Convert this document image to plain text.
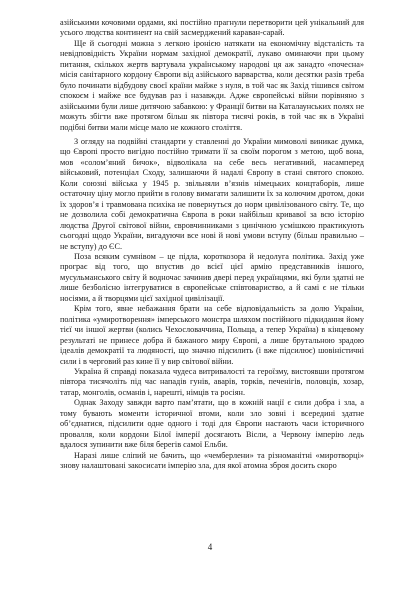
азійськими кочовими ордами, які постійно прагнули перетворити цей унікальний для усього людства континент на свій засмерджений караван-сарай.

Ще й сьогодні можна з легкою іронією натякати на економічну відсталість та невідповідність України нормам західної демократії, лукаво оминаючи при цьому питання, скількох жертв вартувала українському народові ця аж занадто «почесна» місія санітарного кордону Європи від азійського варварства, коли десятки разів треба було починати відбудову своєї країни майже з нуля, в той час як Захід тішився світом спокоєм і майже все будував раз і назавжди. Адже європейські війни порівняно з азійськими були лише дитячою забавкою: у Франції битви на Каталаунських полях не можуть збігти вже протягом більш як півтора тисячі років, в той час як в Україні подібні битви мали місце мало не кожного століття.

З огляду на подвійні стандарти у ставленні до України мимоволі виникає думка, що Європі просто вигідно постійно тримати її за своїм порогом з метою, щоб вона, мов «солом’яний бичок», відволікала на себе весь негативний, насамперед військовий, потенціал Сходу, залишаючи й надалі Європу в стані святого спокою. Коли союзні війська у 1945 р. звільняли в’язнів німецьких концтаборів, лише остаточну ціну могло прийти в голову вимагати залишити їх за колючим дротом, доки їх здоров’я і травмована психіка не повернуться до норм цивілізованого світу. Те, що не дозволила собі демократична Європа в роки найбільш кривавої за всю історію людства Другої світової війни, євровчинниками з цинічною усмішкою практикують сьогодні щодо України, вигадуючи все нові й нові умови вступу (більш правильно – не вступу) до ЄС.

Поза всяким сумнівом – це підла, короткозора й недолуга політика. Захід уже програє від того, що впустив до всієї цієї армію представників іншого, мусульманського світу й водночас зачинив двері перед українцями, які були здатні не лише безболісно інтегруватися в європейське співтовариство, а й самі є не тільки носіями, а й творцями цієї західної цивілізації.

Крім того, явне небажання брати на себе відповідальність за долю України, політика «умиротворення» імперського монстра шляхом постійного підкидання йому тієї чи іншої жертви (колись Чехословаччина, Польща, а тепер Україна) в кінцевому результаті не принесе добра й бажаного миру Європі, а лише брутальною зрадою ідеалів демократії та людяності, що значно підсилить (і вже підсилює) шовіністичні сили і в черговий раз кине її у вир світової війни.

Україна й справді показала чудеса витривалості та героїзму, вистоявши протягом півтора тисячоліть під час нападів гунів, аварів, торків, печенігів, половців, хозар, татар, монголів, османів і, нарешті, німців та росіян.

Однак Заходу завжди варто пам’ятати, що в кожній нації є сили добра і зла, а тому бувають моменти історичної втоми, коли зло зовні і всередині здатне об’єднатися, підсилити одне одного і тоді для Європи настають часи історичного провалля, коли кордони Білої імперії досягають Вісли, а Червону імперію ледь вдалося зупинити вже біля берегів самої Ельби.

Наразі лише сліпий не бачить, що «чемберлени» та різноманітні «миротворці» знову налаштовані закосисати імперію зла, для якої атомна зброя досить скоро

4
